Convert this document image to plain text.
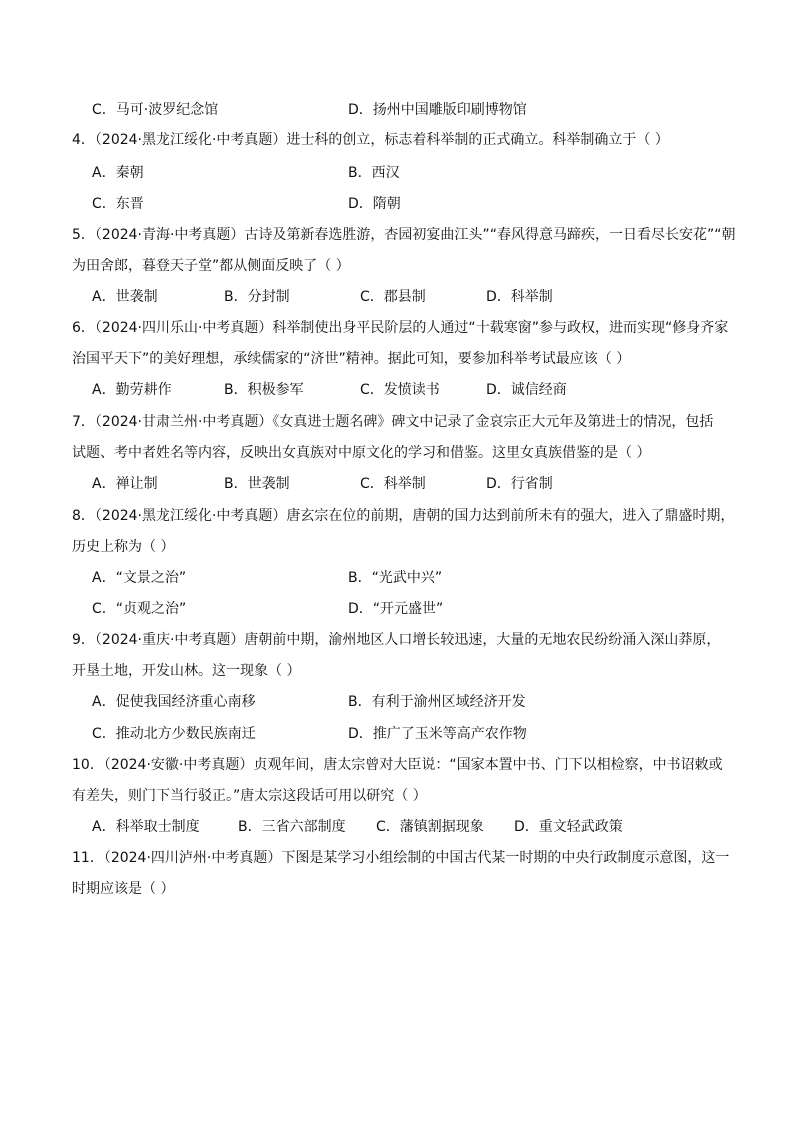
C．马可·波罗纪念馆	D．扬州中国雕版印刷博物馆
4．（2024·黑龙江绥化·中考真题）进士科的创立，标志着科举制的正式确立。科举制确立于（ ）
A．秦朝	B．西汉
C．东晋	D．隋朝
5．（2024·青海·中考真题）古诗及第新春选胜游，杏园初宴曲江头”“春风得意马蹄疾，一日看尽长安花”“朝
为田舍郎，暮登天子堂”都从侧面反映了（ ）
A．世袭制	B．分封制	C．郡县制	D．科举制
6．（2024·四川乐山·中考真题）科举制使出身平民阶层的人通过“十载寒窗”参与政权，进而实现“修身齐家
治国平天下”的美好理想，承续儒家的“济世”精神。据此可知，要参加科举考试最应该（ ）
A．勤劳耕作	B．积极参军	C．发愤读书	D．诚信经商
7．（2024·甘肃兰州·中考真题）《女真进士题名碑》碑文中记录了金哀宗正大元年及第进士的情况，包括
试题、考中者姓名等内容，反映出女真族对中原文化的学习和借鉴。这里女真族借鉴的是（ ）
A．禅让制	B．世袭制	C．科举制	D．行省制
8．（2024·黑龙江绥化·中考真题）唐玄宗在位的前期，唐朝的国力达到前所未有的强大，进入了鼎盛时期，
历史上称为（ ）
A．“文景之治”	B．“光武中兴”
C．“贞观之治”	D．“开元盛世”
9．（2024·重庆·中考真题）唐朝前中期，渝州地区人口增长较迅速，大量的无地农民纷纷涌入深山莽原，
开垦土地，开发山林。这一现象（ ）
A．促使我国经济重心南移	B．有利于渝州区域经济开发
C．推动北方少数民族南迁	D．推广了玉米等高产农作物
10．（2024·安徽·中考真题）贞观年间，唐太宗曾对大臣说：“国家本置中书、门下以相检察，中书诏敕或
有差失，则门下当行驳正。”唐太宗这段话可用以研究（ ）
A．科举取士制度	B．三省六部制度 C．藩镇割据现象 D．重文轻武政策
11．（2024·四川泸州·中考真题）下图是某学习小组绘制的中国古代某一时期的中央行政制度示意图，这一
时期应该是（ ）
